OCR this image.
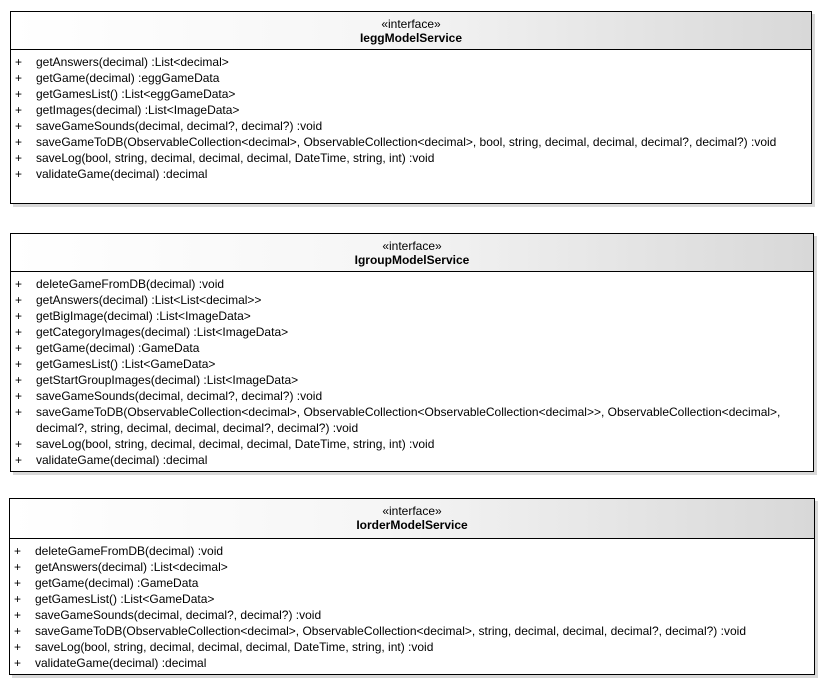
«interface»
IeggModelService
+	getAnswers(decimal) :List<decimal>
+	getGame(decimal) :eggGameData
+	getGamesList() :List<eggGameData>
+	getImages(decimal) :List<ImageData>
+	saveGameSounds(decimal, decimal?, decimal?) :void
+	saveGameToDB(ObservableCollection<decimal>, ObservableCollection<decimal>, bool, string, decimal, decimal, decimal?, decimal?) :void
+	saveLog(bool, string, decimal, decimal, decimal, DateTime, string, int) :void
+	validateGame(decimal) :decimal
«interface»
IgroupModelService
+	deleteGameFromDB(decimal) :void
+	getAnswers(decimal) :List<List<decimal>>
+	getBigImage(decimal) :List<ImageData>
+	getCategoryImages(decimal) :List<ImageData>
+	getGame(decimal) :GameData
+	getGamesList() :List<GameData>
+	getStartGroupImages(decimal) :List<ImageData>
+	saveGameSounds(decimal, decimal?, decimal?) :void
+	saveGameToDB(ObservableCollection<decimal>, ObservableCollection<ObservableCollection<decimal>>, ObservableCollection<decimal>, decimal?, string, decimal, decimal, decimal?, decimal?) :void
+	saveLog(bool, string, decimal, decimal, decimal, DateTime, string, int) :void
+	validateGame(decimal) :decimal
«interface»
IorderModelService
+	deleteGameFromDB(decimal) :void
+	getAnswers(decimal) :List<decimal>
+	getGame(decimal) :GameData
+	getGamesList() :List<GameData>
+	saveGameSounds(decimal, decimal?, decimal?) :void
+	saveGameToDB(ObservableCollection<decimal>, ObservableCollection<decimal>, string, decimal, decimal, decimal?, decimal?) :void
+	saveLog(bool, string, decimal, decimal, decimal, DateTime, string, int) :void
+	validateGame(decimal) :decimal
